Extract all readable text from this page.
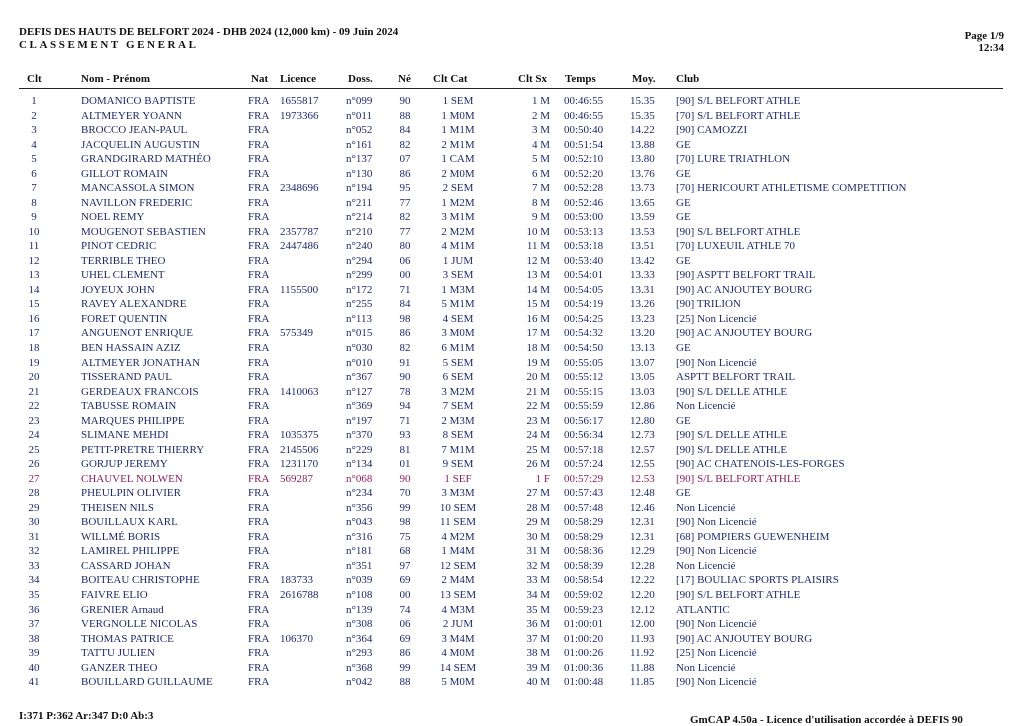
DEFIS DES HAUTS DE BELFORT 2024 - DHB 2024 (12,000 km) - 09 Juin 2024
CLASSEMENT GENERAL
Page 1/9
12:34
Clt	Nom - Prénom	Nat Licence	Doss. Né Clt Cat	Clt Sx Temps	Moy. Club
1	DOMANICO BAPTISTE	FRA 1655817	n°099	90	1 SEM	1 M 00:46:55	15.35	[90] S/L BELFORT ATHLE
2	ALTMEYER YOANN	FRA 1973366	n°011	88	1 M0M	2 M 00:46:55	15.35	[70] S/L BELFORT ATHLE
3	BROCCO JEAN-PAUL	FRA	n°052	84	1 M1M	3 M 00:50:40	14.22	[90] CAMOZZI
4	JACQUELIN AUGUSTIN	FRA	n°161	82	2 M1M	4 M 00:51:54	13.88	GE
5	GRANDGIRARD MATHÉO	FRA	n°137	07	1 CAM	5 M 00:52:10	13.80	[70] LURE TRIATHLON
6	GILLOT ROMAIN	FRA	n°130	86	2 M0M	6 M 00:52:20	13.76	GE
7	MANCASSOLA SIMON	FRA 2348696	n°194	95	2 SEM	7 M 00:52:28	13.73	[70] HERICOURT ATHLETISME COMPETITION
8	NAVILLON FREDERIC	FRA	n°211	77	1 M2M	8 M 00:52:46	13.65	GE
9	NOEL REMY	FRA	n°214	82	3 M1M	9 M 00:53:00	13.59	GE
10	MOUGENOT SEBASTIEN	FRA 2357787	n°210	77	2 M2M	10 M 00:53:13	13.53	[90] S/L BELFORT ATHLE
11	PINOT CEDRIC	FRA 2447486	n°240	80	4 M1M	11 M 00:53:18	13.51	[70] LUXEUIL ATHLE 70
12	TERRIBLE THEO	FRA	n°294	06	1 JUM	12 M 00:53:40	13.42	GE
13	UHEL CLEMENT	FRA	n°299	00	3 SEM	13 M 00:54:01	13.33	[90] ASPTT BELFORT TRAIL
14	JOYEUX JOHN	FRA 1155500	n°172	71	1 M3M	14 M 00:54:05	13.31	[90] AC ANJOUTEY BOURG
15	RAVEY ALEXANDRE	FRA	n°255	84	5 M1M	15 M 00:54:19	13.26	[90] TRILION
16	FORET QUENTIN	FRA	n°113	98	4 SEM	16 M 00:54:25	13.23	[25] Non Licencié
17	ANGUENOT ENRIQUE	FRA 575349	n°015	86	3 M0M	17 M 00:54:32	13.20	[90] AC ANJOUTEY BOURG
18	BEN HASSAIN AZIZ	FRA	n°030	82	6 M1M	18 M 00:54:50	13.13	GE
19	ALTMEYER JONATHAN	FRA	n°010	91	5 SEM	19 M 00:55:05	13.07	[90] Non Licencié
20	TISSERAND PAUL	FRA	n°367	90	6 SEM	20 M 00:55:12	13.05	ASPTT BELFORT TRAIL
21	GERDEAUX FRANCOIS	FRA 1410063	n°127	78	3 M2M	21 M 00:55:15	13.03	[90] S/L DELLE ATHLE
22	TABUSSE ROMAIN	FRA	n°369	94	7 SEM	22 M 00:55:59	12.86	Non Licencié
23	MARQUES PHILIPPE	FRA	n°197	71	2 M3M	23 M 00:56:17	12.80	GE
24	SLIMANE MEHDI	FRA 1035375	n°370	93	8 SEM	24 M 00:56:34	12.73	[90] S/L DELLE ATHLE
25	PETIT-PRETRE THIERRY	FRA 2145506	n°229	81	7 M1M	25 M 00:57:18	12.57	[90] S/L DELLE ATHLE
26	GORJUP JEREMY	FRA 1231170	n°134	01	9 SEM	26 M 00:57:24	12.55	[90] AC CHATENOIS-LES-FORGES
27	CHAUVEL NOLWEN	FRA 569287	n°068	90	1 SEF	1 F 00:57:29	12.53	[90] S/L BELFORT ATHLE
28	PHEULPIN OLIVIER	FRA	n°234	70	3 M3M	27 M 00:57:43	12.48	GE
29	THEISEN NILS	FRA	n°356	99	10 SEM	28 M 00:57:48	12.46	Non Licencié
30	BOUILLAUX KARL	FRA	n°043	98	11 SEM	29 M 00:58:29	12.31	[90] Non Licencié
31	WILLMÉ BORIS	FRA	n°316	75	4 M2M	30 M 00:58:29	12.31	[68] POMPIERS GUEWENHEIM
32	LAMIREL PHILIPPE	FRA	n°181	68	1 M4M	31 M 00:58:36	12.29	[90] Non Licencié
33	CASSARD JOHAN	FRA	n°351	97	12 SEM	32 M 00:58:39	12.28	Non Licencié
34	BOITEAU CHRISTOPHE	FRA 183733	n°039	69	2 M4M	33 M 00:58:54	12.22	[17] BOULIAC SPORTS PLAISIRS
35	FAIVRE ELIO	FRA 2616788	n°108	00	13 SEM	34 M 00:59:02	12.20	[90] S/L BELFORT ATHLE
36	GRENIER Arnaud	FRA	n°139	74	4 M3M	35 M 00:59:23	12.12	ATLANTIC
37	VERGNOLLE NICOLAS	FRA	n°308	06	2 JUM	36 M 01:00:01	12.00	[90] Non Licencié
38	THOMAS PATRICE	FRA 106370	n°364	69	3 M4M	37 M 01:00:20	11.93	[90] AC ANJOUTEY BOURG
39	TATTU JULIEN	FRA	n°293	86	4 M0M	38 M 01:00:26	11.92	[25] Non Licencié
40	GANZER THEO	FRA	n°368	99	14 SEM	39 M 01:00:36	11.88	Non Licencié
41	BOUILLARD GUILLAUME	FRA	n°042	88	5 M0M	40 M 01:00:48	11.85	[90] Non Licencié
I:371 P:362 Ar:347 D:0 Ab:3	GmCAP 4.50a - Licence d'utilisation accordée à DEFIS 90
